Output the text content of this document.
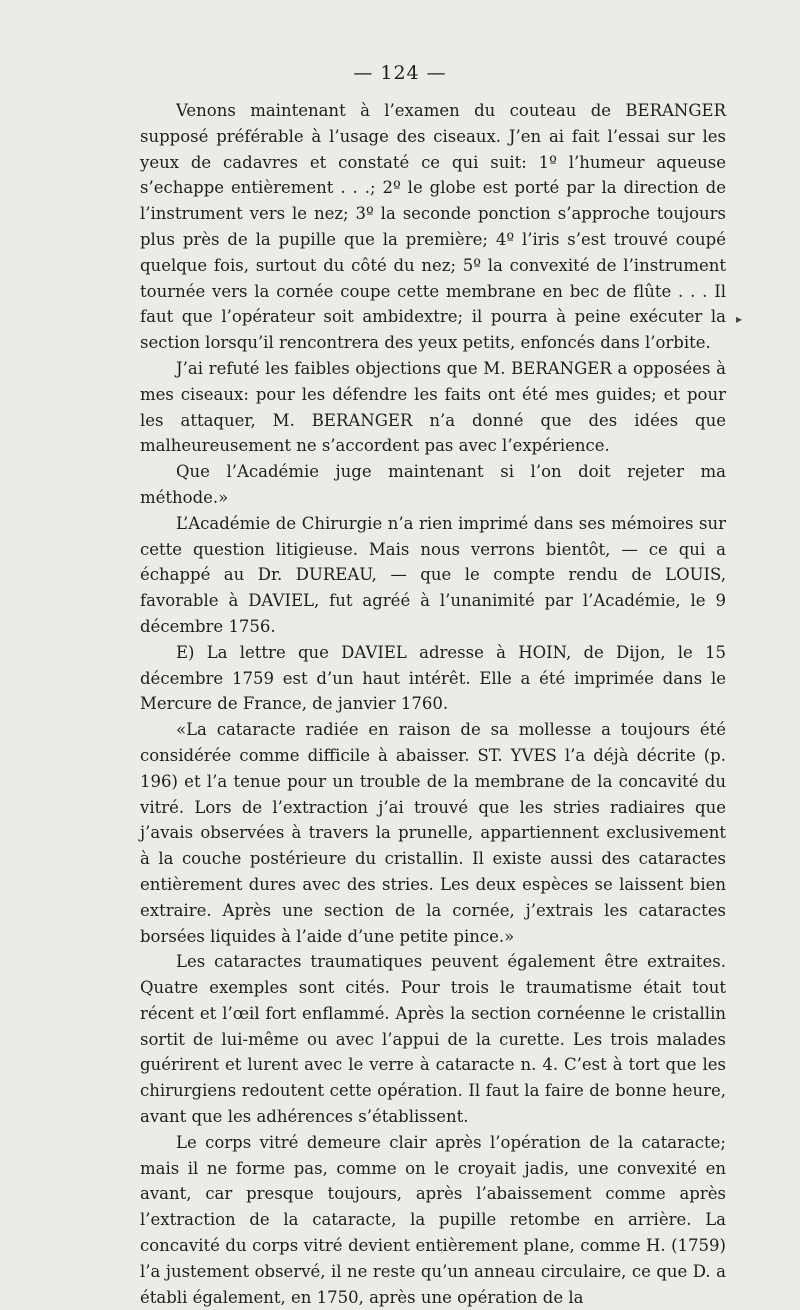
— 124 —
▸

Venons maintenant à l’examen du couteau de BERANGER supposé préférable à l’usage des ciseaux. J’en ai fait l’essai sur les yeux de cadavres et constaté ce qui suit: 1º l’humeur aqueuse s’echappe entièrement . . .; 2º le globe est porté par la direction de l’instrument vers le nez; 3º la seconde ponction s’approche toujours plus près de la pupille que la première; 4º l’iris s’est trouvé coupé quelque fois, surtout du côté du nez; 5º la convexité de l’instrument tournée vers la cornée coupe cette membrane en bec de flûte . . . Il faut que l’opérateur soit ambidextre; il pourra à peine exécuter la section lorsqu’il rencontrera des yeux petits, enfoncés dans l’orbite.

J’ai refuté les faibles objections que M. BERANGER a opposées à mes ciseaux: pour les défendre les faits ont été mes guides; et pour les attaquer, M. BERANGER n’a donné que des idées que malheureusement ne s’accordent pas avec l’expérience.

Que l’Académie juge maintenant si l’on doit rejeter ma méthode.»

L’Académie de Chirurgie n’a rien imprimé dans ses mémoires sur cette question litigieuse. Mais nous verrons bientôt, — ce qui a échappé au Dr. DUREAU, — que le compte rendu de LOUIS, favorable à DAVIEL, fut agréé à l’unanimité par l’Académie, le 9 décembre 1756.

E) La lettre que DAVIEL adresse à HOIN, de Dijon, le 15 décembre 1759 est d’un haut intérêt. Elle a été imprimée dans le Mercure de France, de janvier 1760.

«La cataracte radiée en raison de sa mollesse a toujours été considérée comme difficile à abaisser. ST. YVES l’a déjà décrite (p. 196) et l’a tenue pour un trouble de la membrane de la concavité du vitré. Lors de l’extraction j’ai trouvé que les stries radiaires que j’avais observées à travers la prunelle, appartiennent exclusivement à la couche postérieure du cristallin. Il existe aussi des cataractes entièrement dures avec des stries. Les deux espèces se laissent bien extraire. Après une section de la cornée, j’extrais les cataractes borsées liquides à l’aide d’une petite pince.»

Les cataractes traumatiques peuvent également être extraites. Quatre exemples sont cités. Pour trois le traumatisme était tout récent et l’œil fort enflammé. Après la section cornéenne le cristallin sortit de lui-même ou avec l’appui de la curette. Les trois malades guérirent et lurent avec le verre à cataracte n. 4. C’est à tort que les chirurgiens redoutent cette opération. Il faut la faire de bonne heure, avant que les adhérences s’établissent.

Le corps vitré demeure clair après l’opération de la cataracte; mais il ne forme pas, comme on le croyait jadis, une convexité en avant, car presque toujours, après l’abaissement comme après l’extraction de la cataracte, la pupille retombe en arrière. La concavité du corps vitré devient entièrement plane, comme H. (1759) l’a justement observé, il ne reste qu’un anneau circulaire, ce que D. a établi également, en 1750, après une opération de la
